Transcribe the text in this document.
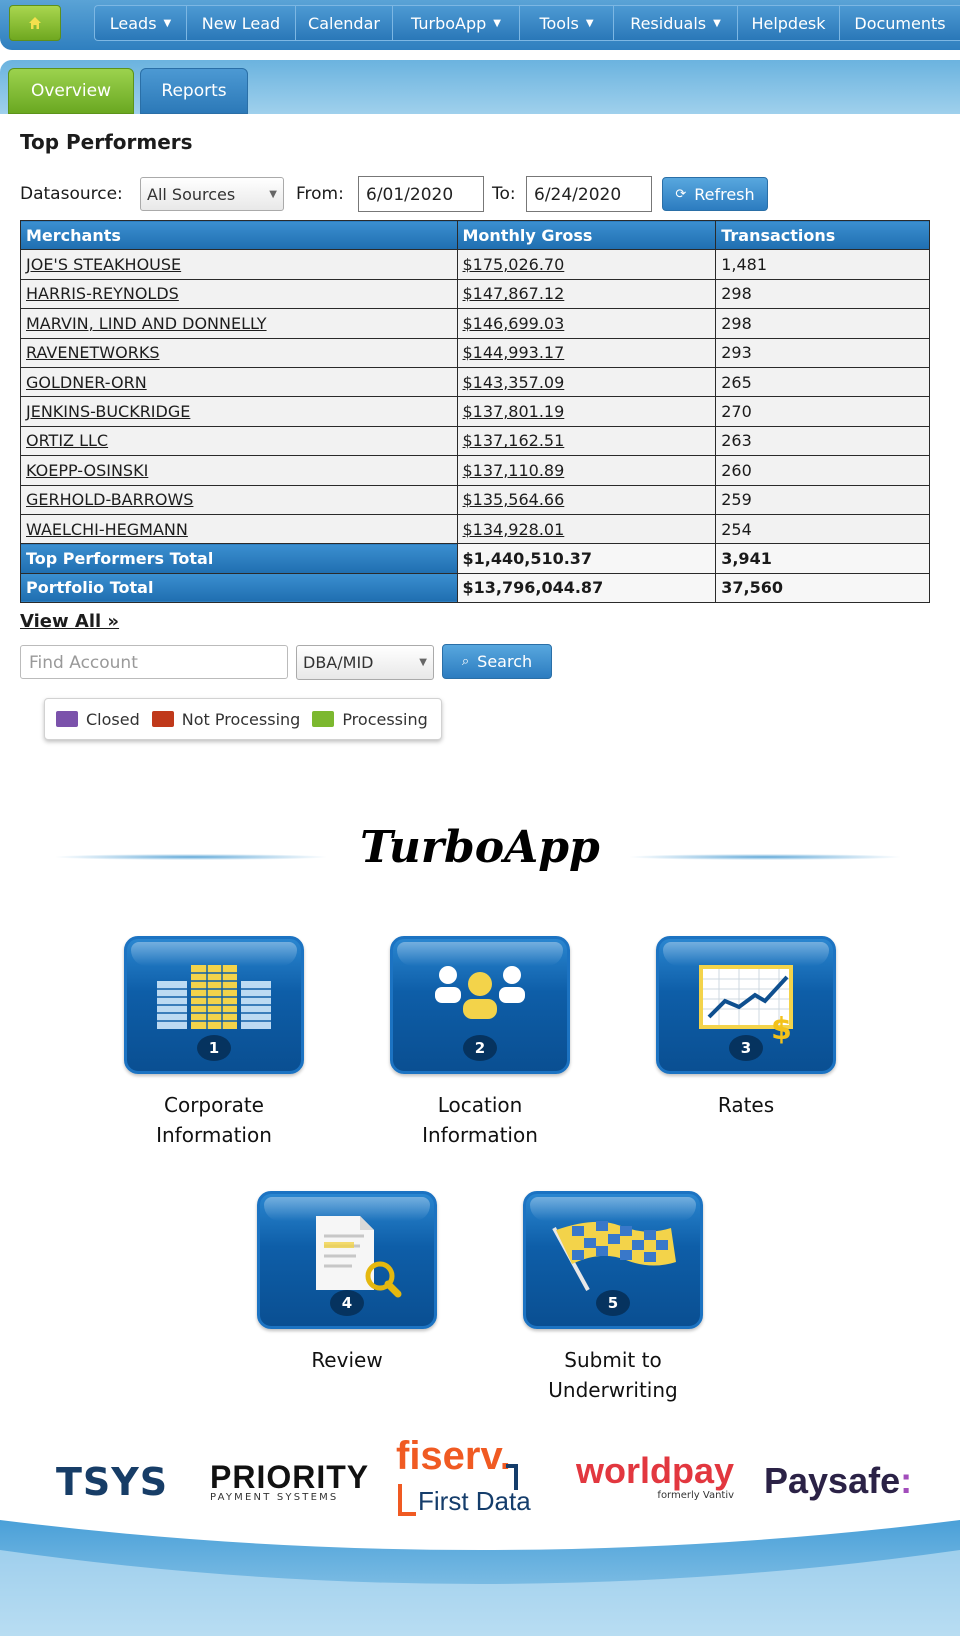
Leads ▼ New Lead Calendar TurboApp ▼ Tools ▼ Residuals ▼ Helpdesk Documents
Overview	Reports
Top Performers
Datasource:	All Sources	▼ From:	6/01/2020	To:	6/24/2020	⟳ Refresh
Merchants	Monthly Gross	Transactions
JOE'S STEAKHOUSE	$175,026.70	1,481
HARRIS-REYNOLDS	$147,867.12	298
MARVIN, LIND AND DONNELLY	$146,699.03	298
RAVENETWORKS	$144,993.17	293
GOLDNER-ORN	$143,357.09	265
JENKINS-BUCKRIDGE	$137,801.19	270
ORTIZ LLC	$137,162.51	263
KOEPP-OSINSKI	$137,110.89	260
GERHOLD-BARROWS	$135,564.66	259
WAELCHI-HEGMANN	$134,928.01	254
Top Performers Total	$1,440,510.37	3,941
Portfolio Total	$13,796,044.87	37,560
View All »
Find Account	DBA/MID	▼	⌕ Search
Closed	Not Processing	Processing
TurboApp
1
Corporate
Information
2
Location
Information
$
3
Rates
4
Review
5
Submit to
Underwriting
TSYS PRIORITY
PAYMENT SYSTEMS
fiserv.
First Data
worldpay
formerly Vantiv Paysafe:
